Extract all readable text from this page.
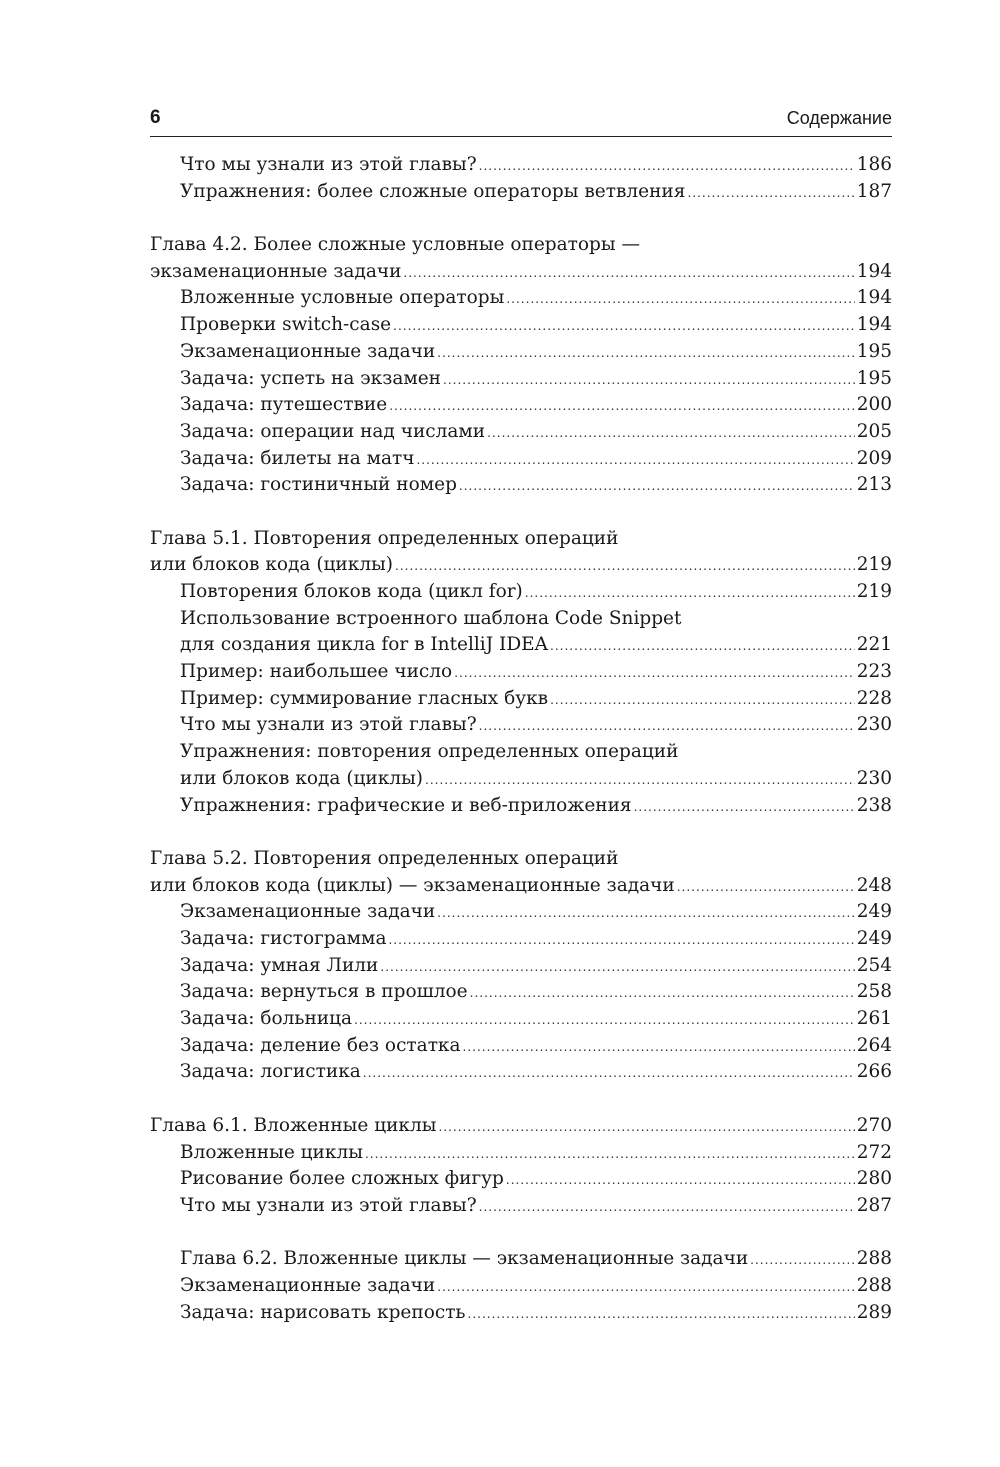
6	Содержание
Что мы узнали из этой главы? .....	186
Упражнения: более сложные операторы ветвления .....	187
Глава 4.2. Более сложные условные операторы —
экзаменационные задачи .....	194
Вложенные условные операторы .....	194
Проверки switch-case .....	194
Экзаменационные задачи .....	195
Задача: успеть на экзамен .....	195
Задача: путешествие .....	200
Задача: операции над числами .....	205
Задача: билеты на матч .....	209
Задача: гостиничный номер .....	213
Глава 5.1. Повторения определенных операций
или блоков кода (циклы) .....	219
Повторения блоков кода (цикл for) .....	219
Использование встроенного шаблона Code Snippet
для создания цикла for в IntelliJ IDEA .....	221
Пример: наибольшее число .....	223
Пример: суммирование гласных букв .....	228
Что мы узнали из этой главы? .....	230
Упражнения: повторения определенных операций
или блоков кода (циклы) .....	230
Упражнения: графические и веб-приложения .....	238
Глава 5.2. Повторения определенных операций
или блоков кода (циклы) — экзаменационные задачи .....	248
Экзаменационные задачи .....	249
Задача: гистограмма .....	249
Задача: умная Лили .....	254
Задача: вернуться в прошлое .....	258
Задача: больница .....	261
Задача: деление без остатка .....	264
Задача: логистика .....	266
Глава 6.1. Вложенные циклы .....	270
Вложенные циклы .....	272
Рисование более сложных фигур .....	280
Что мы узнали из этой главы? .....	287
Глава 6.2. Вложенные циклы — экзаменационные задачи .....	288
Экзаменационные задачи .....	288
Задача: нарисовать крепость .....	289
